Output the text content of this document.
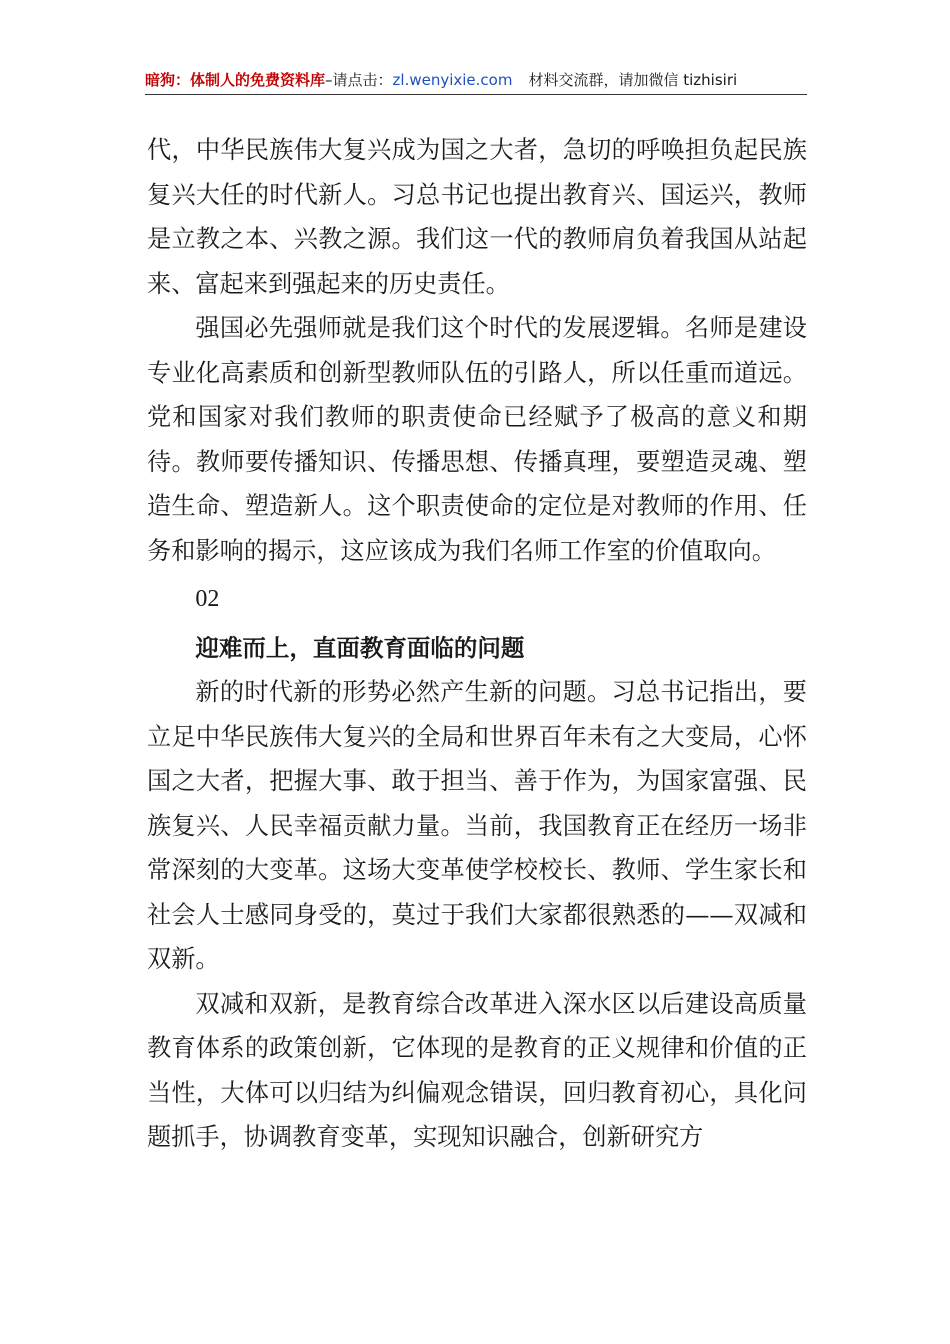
暗狗：体制人的免费资料库–请点击：zl.wenyixie.com 材料交流群，请加微信 tizhisiri

代，中华民族伟大复兴成为国之大者，急切的呼唤担负起民族复兴大任的时代新人。习总书记也提出教育兴、国运兴，教师是立教之本、兴教之源。我们这一代的教师肩负着我国从站起来、富起来到强起来的历史责任。

强国必先强师就是我们这个时代的发展逻辑。名师是建设专业化高素质和创新型教师队伍的引路人，所以任重而道远。党和国家对我们教师的职责使命已经赋予了极高的意义和期待。教师要传播知识、传播思想、传播真理，要塑造灵魂、塑造生命、塑造新人。这个职责使命的定位是对教师的作用、任务和影响的揭示，这应该成为我们名师工作室的价值取向。

02

迎难而上，直面教育面临的问题

新的时代新的形势必然产生新的问题。习总书记指出，要立足中华民族伟大复兴的全局和世界百年未有之大变局，心怀国之大者，把握大事、敢于担当、善于作为，为国家富强、民族复兴、人民幸福贡献力量。当前，我国教育正在经历一场非常深刻的大变革。这场大变革使学校校长、教师、学生家长和社会人士感同身受的，莫过于我们大家都很熟悉的——双减和双新。

双减和双新，是教育综合改革进入深水区以后建设高质量教育体系的政策创新，它体现的是教育的正义规律和价值的正当性，大体可以归结为纠偏观念错误，回归教育初心，具化问题抓手，协调教育变革，实现知识融合，创新研究方
